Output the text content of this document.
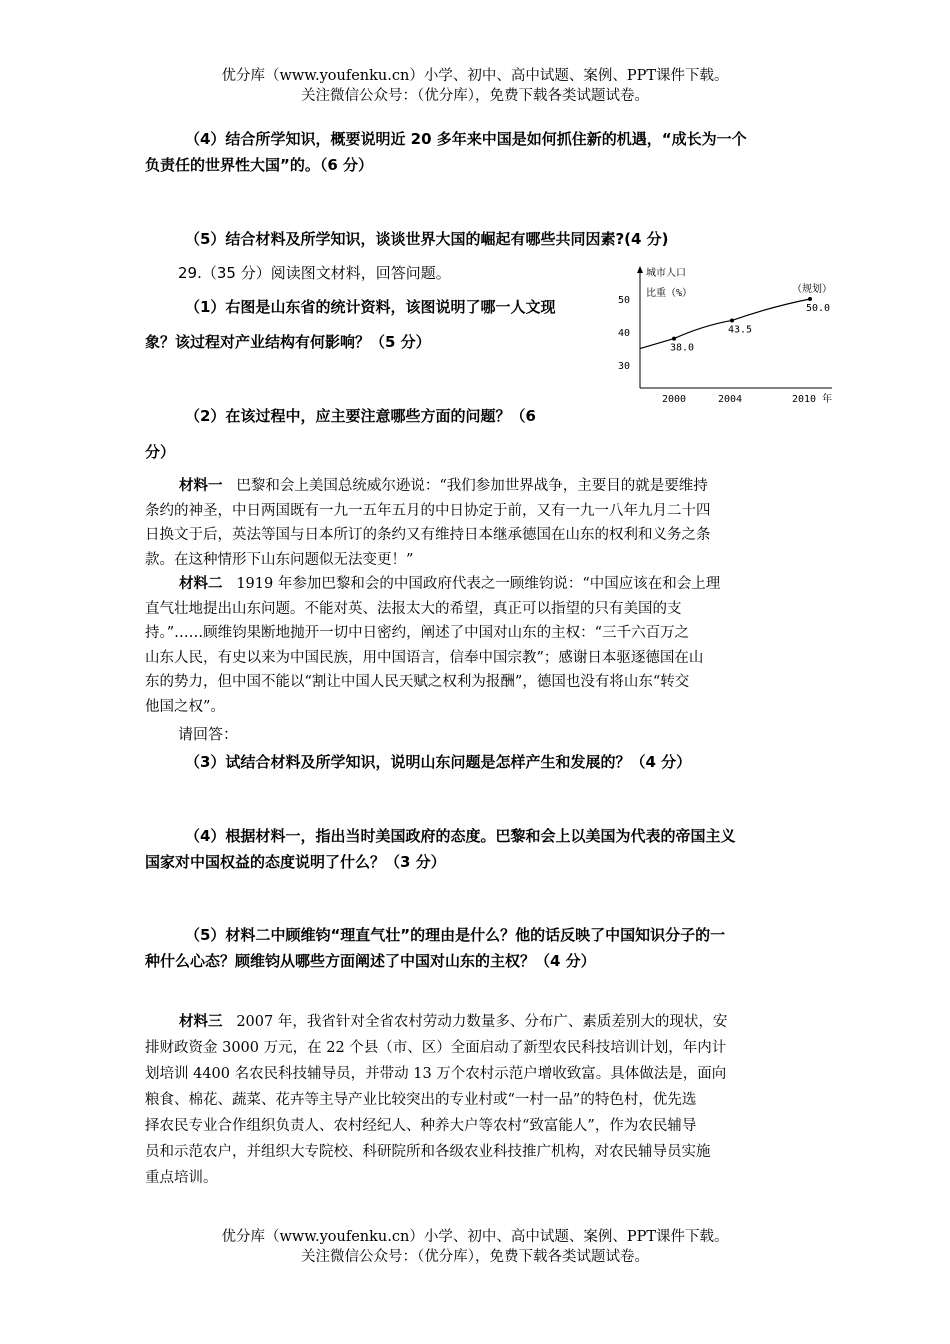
优分库（www.youfenku.cn）小学、初中、高中试题、案例、PPT课件下载。
关注微信公众号：（优分库），免费下载各类试题试卷。
（4）结合所学知识，概要说明近 20 多年来中国是如何抓住新的机遇，“成长为一个
负责任的世界性大国”的。（6 分）
（5）结合材料及所学知识，谈谈世界大国的崛起有哪些共同因素?(4 分)
29.（35 分）阅读图文材料，回答问题。
（1）右图是山东省的统计资料，该图说明了哪一人文现
象？该过程对产业结构有何影响？（5 分）
（2）在该过程中，应主要注意哪些方面的问题？（6
分）
城市人口
比重（%）
50
40
30
2000	2004	2010 年
38.0
43.5
50.0
（规划）
材料一 巴黎和会上美国总统威尔逊说：“我们参加世界战争，主要目的就是要维持
条约的神圣，中日两国既有一九一五年五月的中日协定于前，又有一九一八年九月二十四
日换文于后，英法等国与日本所订的条约又有维持日本继承德国在山东的权利和义务之条
款。在这种情形下山东问题似无法变更！”
材料二 1919 年参加巴黎和会的中国政府代表之一顾维钧说：“中国应该在和会上理
直气壮地提出山东问题。不能对英、法报太大的希望，真正可以指望的只有美国的支
持。”……顾维钧果断地抛开一切中日密约，阐述了中国对山东的主权：“三千六百万之
山东人民，有史以来为中国民族，用中国语言，信奉中国宗教”；感谢日本驱逐德国在山
东的势力，但中国不能以“割让中国人民天赋之权利为报酬”，德国也没有将山东“转交
他国之权”。
请回答：
（3）试结合材料及所学知识，说明山东问题是怎样产生和发展的？（4 分）
（4）根据材料一，指出当时美国政府的态度。巴黎和会上以美国为代表的帝国主义
国家对中国权益的态度说明了什么？（3 分）
（5）材料二中顾维钧“理直气壮”的理由是什么？他的话反映了中国知识分子的一
种什么心态？顾维钧从哪些方面阐述了中国对山东的主权？（4 分）
材料三 2007 年，我省针对全省农村劳动力数量多、分布广、素质差别大的现状，安
排财政资金 3000 万元，在 22 个县（市、区）全面启动了新型农民科技培训计划，年内计
划培训 4400 名农民科技辅导员，并带动 13 万个农村示范户增收致富。具体做法是，面向
粮食、棉花、蔬菜、花卉等主导产业比较突出的专业村或“一村一品”的特色村，优先选
择农民专业合作组织负责人、农村经纪人、种养大户等农村“致富能人”，作为农民辅导
员和示范农户，并组织大专院校、科研院所和各级农业科技推广机构，对农民辅导员实施
重点培训。
优分库（www.youfenku.cn）小学、初中、高中试题、案例、PPT课件下载。
关注微信公众号：（优分库），免费下载各类试题试卷。
